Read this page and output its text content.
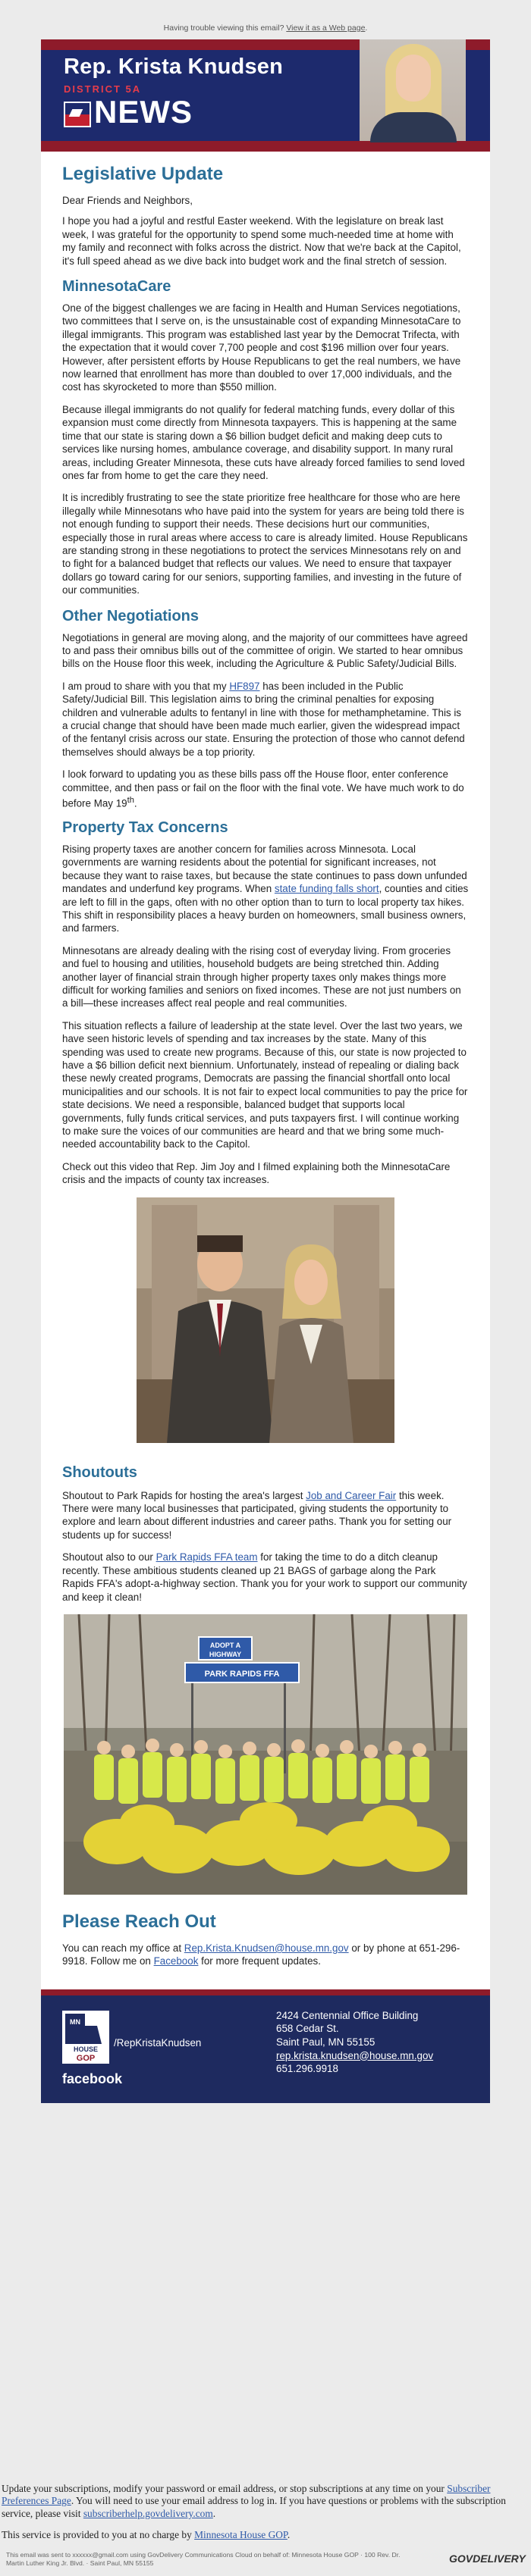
Having trouble viewing this email? View it as a Web page.
Rep. Krista Knudsen
DISTRICT 5A
NEWS
Legislative Update

Dear Friends and Neighbors,

I hope you had a joyful and restful Easter weekend. With the legislature on break last week, I was grateful for the opportunity to spend some much-needed time at home with my family and reconnect with folks across the district. Now that we're back at the Capitol, it's full speed ahead as we dive back into budget work and the final stretch of session.

MinnesotaCare

One of the biggest challenges we are facing in Health and Human Services negotiations, two committees that I serve on, is the unsustainable cost of expanding MinnesotaCare to illegal immigrants. This program was established last year by the Democrat Trifecta, with the expectation that it would cover 7,700 people and cost $196 million over four years. However, after persistent efforts by House Republicans to get the real numbers, we have now learned that enrollment has more than doubled to over 17,000 individuals, and the cost has skyrocketed to more than $550 million.

Because illegal immigrants do not qualify for federal matching funds, every dollar of this expansion must come directly from Minnesota taxpayers. This is happening at the same time that our state is staring down a $6 billion budget deficit and making deep cuts to services like nursing homes, ambulance coverage, and disability support. In many rural areas, including Greater Minnesota, these cuts have already forced families to send loved ones far from home to get the care they need.

It is incredibly frustrating to see the state prioritize free healthcare for those who are here illegally while Minnesotans who have paid into the system for years are being told there is not enough funding to support their needs. These decisions hurt our communities, especially those in rural areas where access to care is already limited. House Republicans are standing strong in these negotiations to protect the services Minnesotans rely on and to fight for a balanced budget that reflects our values. We need to ensure that taxpayer dollars go toward caring for our seniors, supporting families, and investing in the future of our communities.

Other Negotiations

Negotiations in general are moving along, and the majority of our committees have agreed to and pass their omnibus bills out of the committee of origin. We started to hear omnibus bills on the House floor this week, including the Agriculture & Public Safety/Judicial Bills.

I am proud to share with you that my HF897 has been included in the Public Safety/Judicial Bill. This legislation aims to bring the criminal penalties for exposing children and vulnerable adults to fentanyl in line with those for methamphetamine. This is a crucial change that should have been made much earlier, given the widespread impact of the fentanyl crisis across our state. Ensuring the protection of those who cannot defend themselves should always be a top priority.

I look forward to updating you as these bills pass off the House floor, enter conference committee, and then pass or fail on the floor with the final vote. We have much work to do before May 19th.

Property Tax Concerns

Rising property taxes are another concern for families across Minnesota. Local governments are warning residents about the potential for significant increases, not because they want to raise taxes, but because the state continues to pass down unfunded mandates and underfund key programs. When state funding falls short, counties and cities are left to fill in the gaps, often with no other option than to turn to local property tax hikes. This shift in responsibility places a heavy burden on homeowners, small business owners, and farmers.

Minnesotans are already dealing with the rising cost of everyday living. From groceries and fuel to housing and utilities, household budgets are being stretched thin. Adding another layer of financial strain through higher property taxes only makes things more difficult for working families and seniors on fixed incomes. These are not just numbers on a bill—these increases affect real people and real communities.

This situation reflects a failure of leadership at the state level. Over the last two years, we have seen historic levels of spending and tax increases by the state. Many of this spending was used to create new programs. Because of this, our state is now projected to have a $6 billion deficit next biennium. Unfortunately, instead of repealing or dialing back these newly created programs, Democrats are passing the financial shortfall onto local municipalities and our schools. It is not fair to expect local communities to pay the price for state decisions. We need a responsible, balanced budget that supports local governments, fully funds critical services, and puts taxpayers first. I will continue working to make sure the voices of our communities are heard and that we bring some much-needed accountability back to the Capitol.

Check out this video that Rep. Jim Joy and I filmed explaining both the MinnesotaCare crisis and the impacts of county tax increases.

Shoutouts

Shoutout to Park Rapids for hosting the area's largest Job and Career Fair this week. There were many local businesses that participated, giving students the opportunity to explore and learn about different industries and career paths. Thank you for setting our students up for success!

Shoutout also to our Park Rapids FFA team for taking the time to do a ditch cleanup recently. These ambitious students cleaned up 21 BAGS of garbage along the Park Rapids FFA's adopt-a-highway section. Thank you for your work to support our community and keep it clean!

ADOPT A
HIGHWAY
PARK RAPIDS FFA
Please Reach Out

You can reach my office at Rep.Krista.Knudsen@house.mn.gov or by phone at 651-296-9918. Follow me on Facebook for more frequent updates.

MN
HOUSE
GOP
/RepKristaKnudsen
facebook
2424 Centennial Office Building
658 Cedar St.
Saint Paul, MN 55155
rep.krista.knudsen@house.mn.gov
651.296.9918

Update your subscriptions, modify your password or email address, or stop subscriptions at any time on your Subscriber Preferences Page. You will need to use your email address to log in. If you have questions or problems with the subscription service, please visit subscriberhelp.govdelivery.com.

This service is provided to you at no charge by Minnesota House GOP.

This email was sent to xxxxxx@gmail.com using GovDelivery Communications Cloud on behalf of: Minnesota House GOP · 100 Rev. Dr. Martin Luther King Jr. Blvd. · Saint Paul, MN 55155	GOVDELIVERY
